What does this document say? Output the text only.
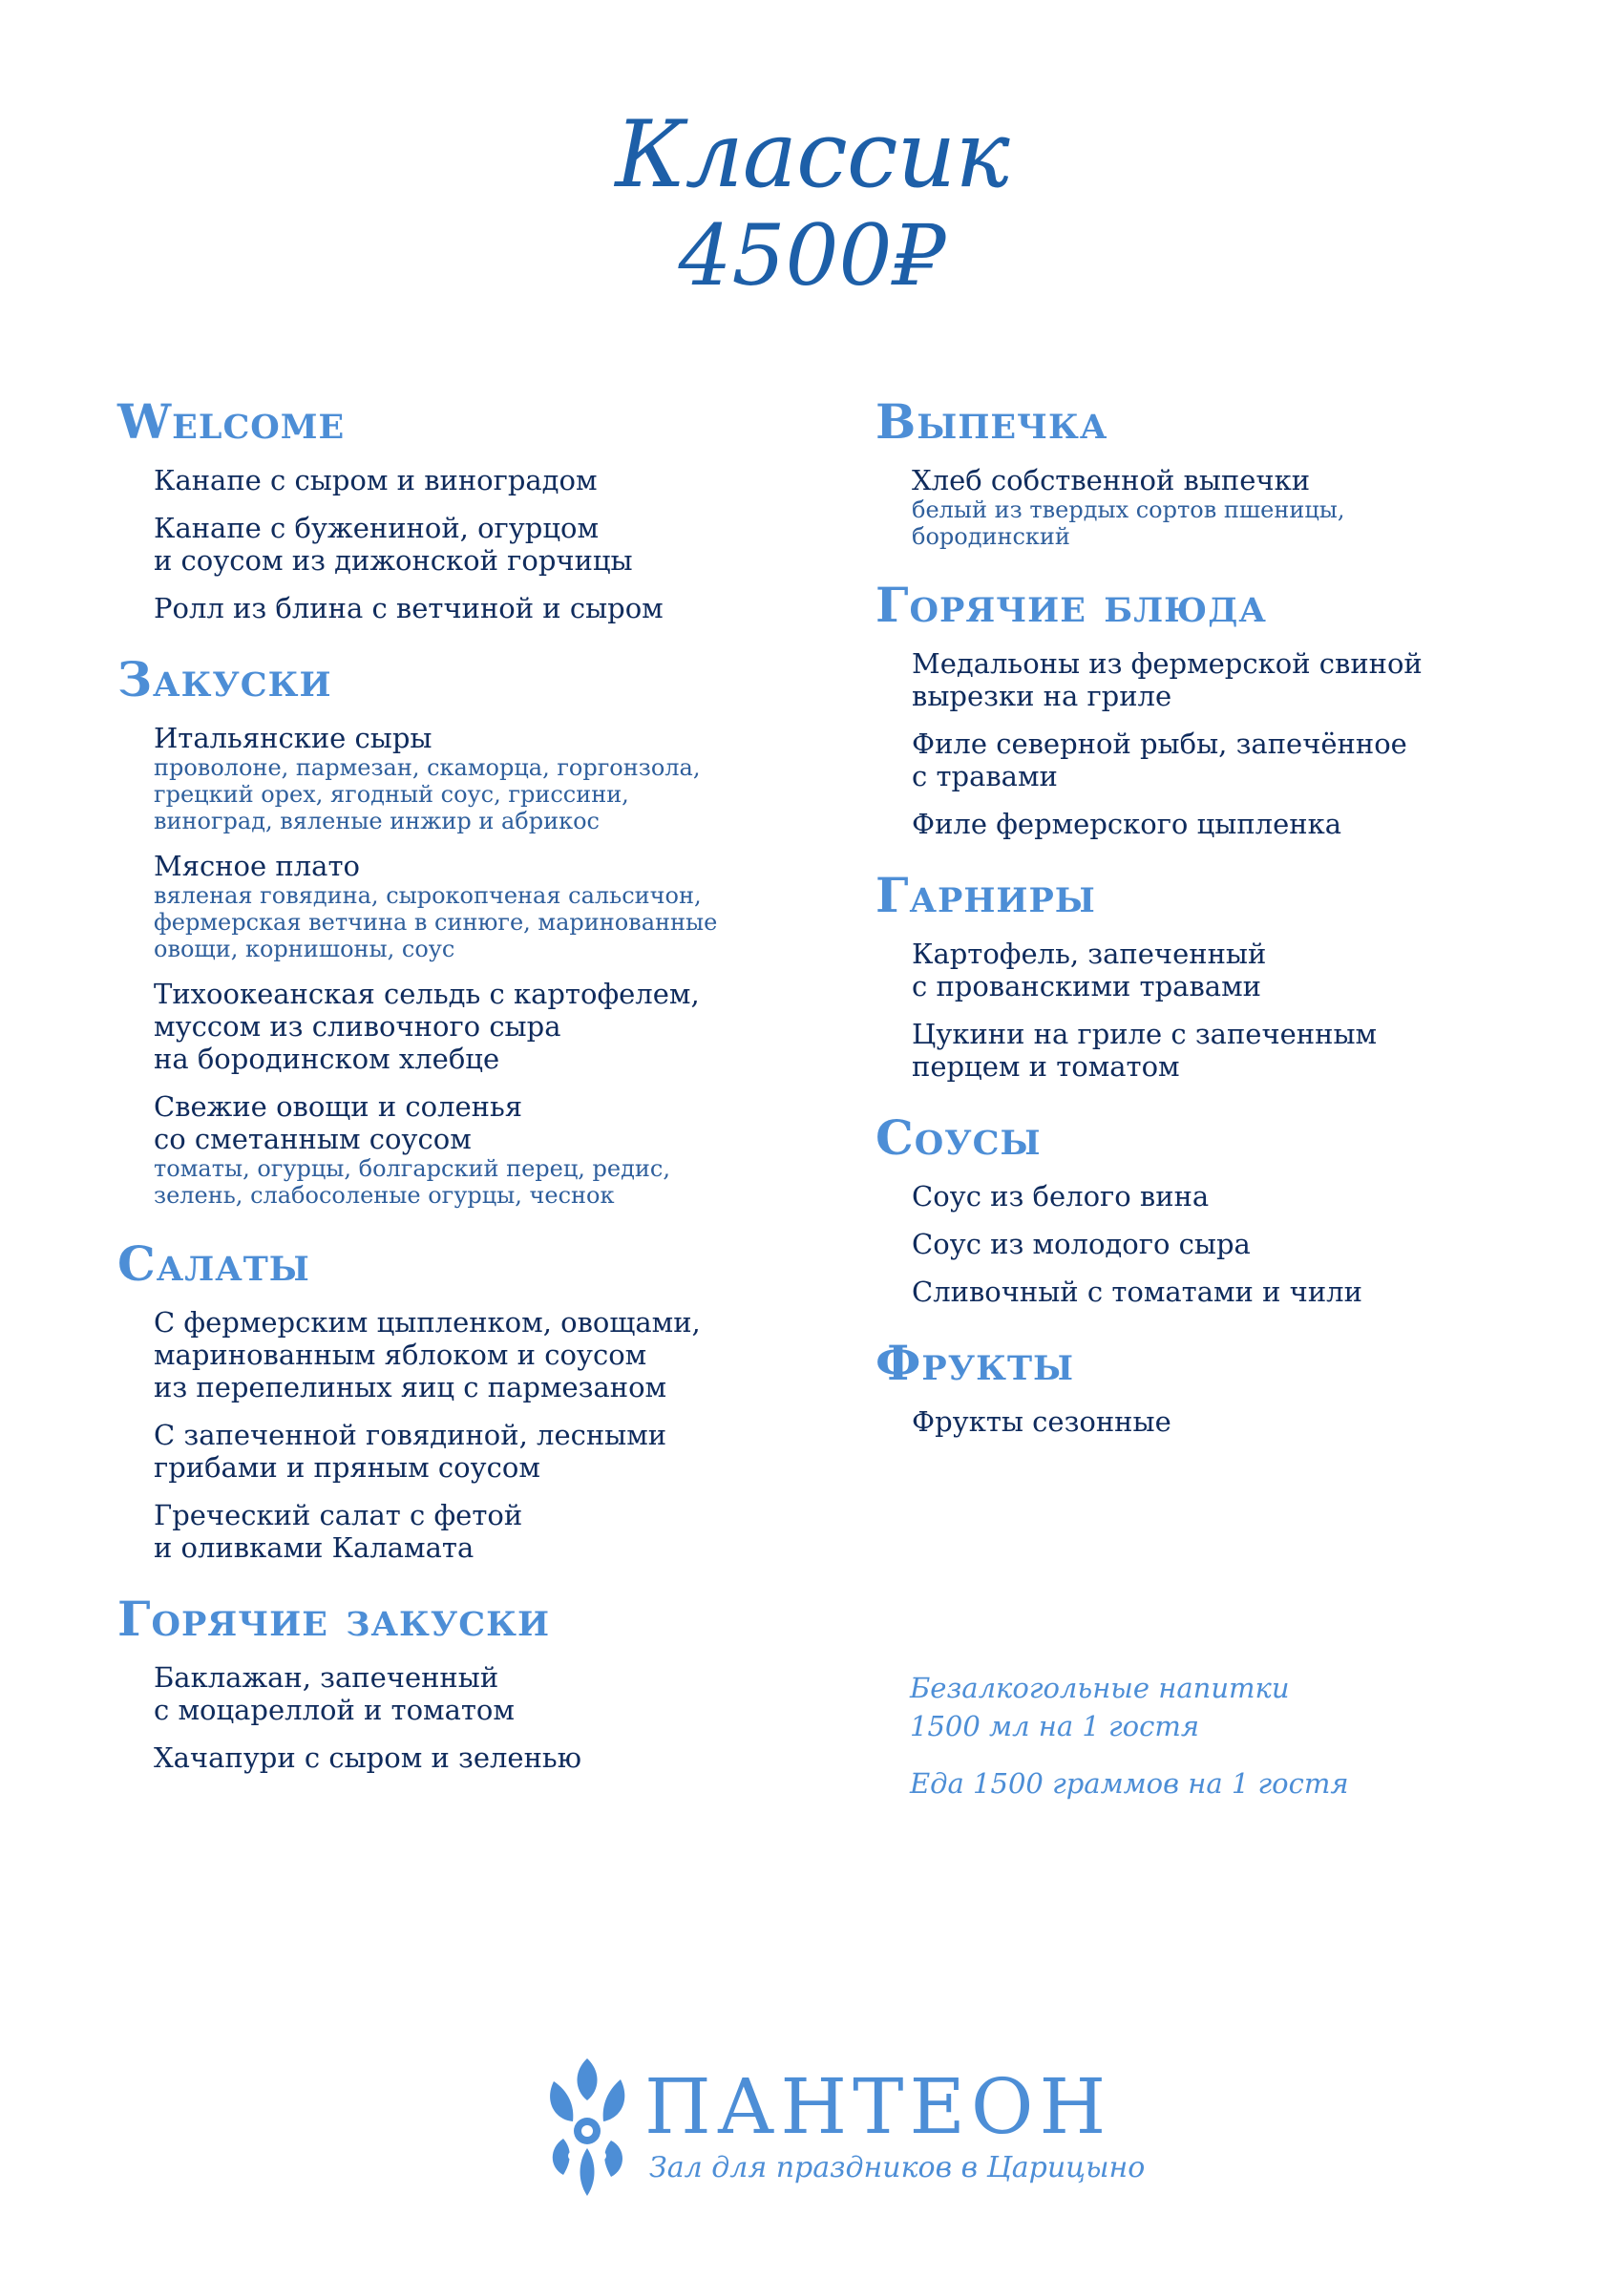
Классик
4500₽
Welcome

Канапе с сыром и виноградом

Канапе с бужениной, огурцом
и соусом из дижонской горчицы

Ролл из блина с ветчиной и сыром

Закуски

Итальянские сыры

проволоне, пармезан, скаморца, горгонзола,
грецкий орех, ягодный соус, гриссини,
виноград, вяленые инжир и абрикос

Мясное плато

вяленая говядина, сырокопченая сальсичон,
фермерская ветчина в синюге, маринованные
овощи, корнишоны, соус

Тихоокеанская сельдь с картофелем,
муссом из сливочного сыра
на бородинском хлебце

Свежие овощи и соленья
со сметанным соусом

томаты, огурцы, болгарский перец, редис,
зелень, слабосоленые огурцы, чеснок

Салаты

С фермерским цыпленком, овощами,
маринованным яблоком и соусом
из перепелиных яиц с пармезаном

С запеченной говядиной, лесными
грибами и пряным соусом

Греческий салат с фетой
и оливками Каламата

Горячие закуски

Баклажан, запеченный
с моцареллой и томатом

Хачапури с сыром и зеленью

Выпечка

Хлеб собственной выпечки

белый из твердых сортов пшеницы,
бородинский

Горячие блюда

Медальоны из фермерской свиной
вырезки на гриле

Филе северной рыбы, запечённое
с травами

Филе фермерского цыпленка

Гарниры

Картофель, запеченный
с прованскими травами

Цукини на гриле с запеченным
перцем и томатом

Соусы

Соус из белого вина

Соус из молодого сыра

Сливочный с томатами и чили

Фрукты

Фрукты сезонные

Безалкогольные напитки
1500 мл на 1 гостя

Еда 1500 граммов на 1 гостя

ПАНТЕОН
Зал для праздников в Царицыно
